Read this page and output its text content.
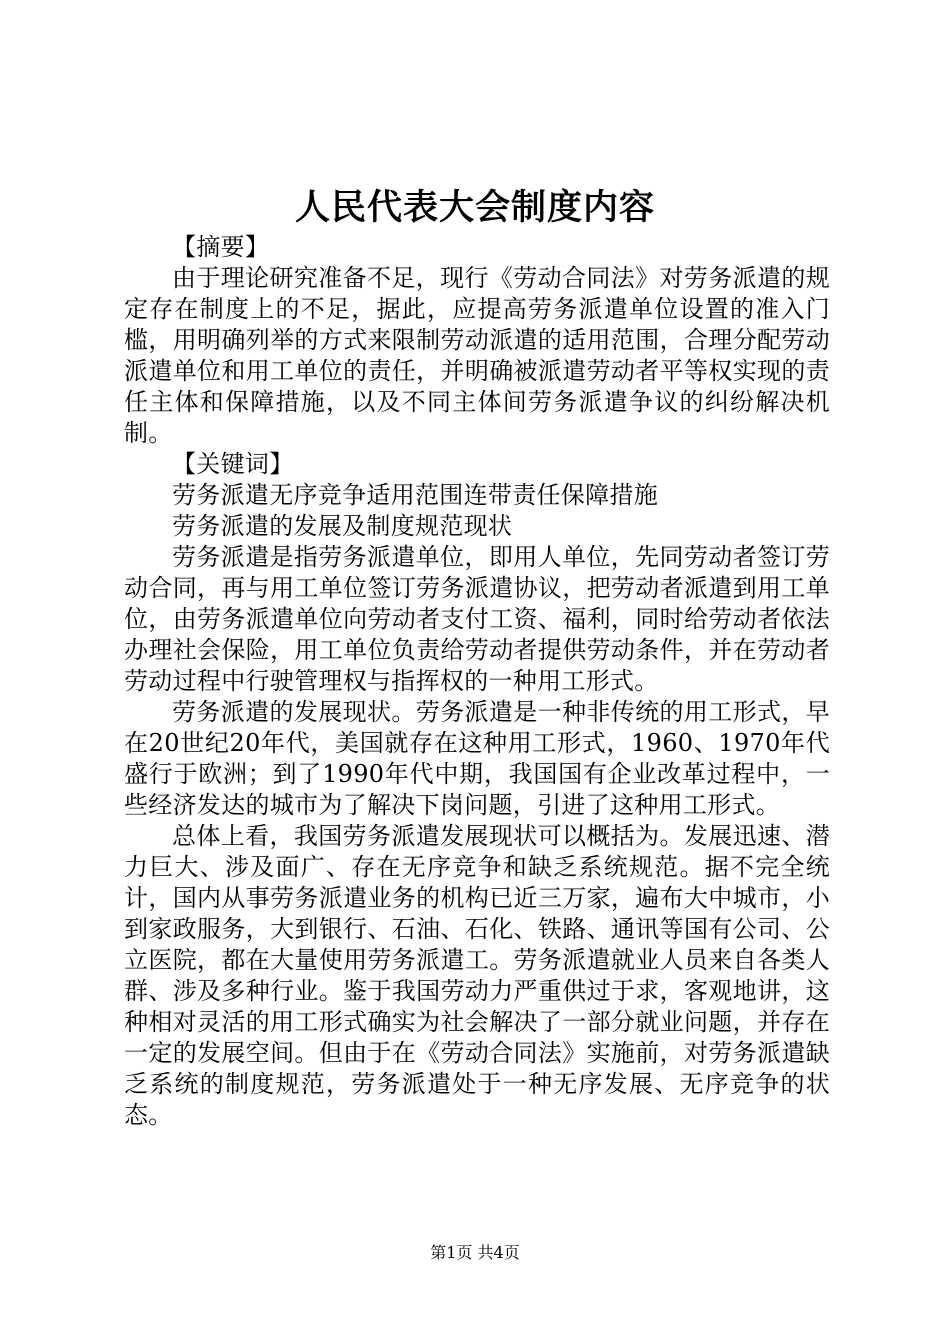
人民代表大会制度内容

【摘要】

由于理论研究准备不足，现行《劳动合同法》对劳务派遣的规定存在制度上的不足，据此，应提高劳务派遣单位设置的准入门槛，用明确列举的方式来限制劳动派遣的适用范围，合理分配劳动派遣单位和用工单位的责任，并明确被派遣劳动者平等权实现的责任主体和保障措施，以及不同主体间劳务派遣争议的纠纷解决机制。

【关键词】

劳务派遣无序竞争适用范围连带责任保障措施

劳务派遣的发展及制度规范现状

劳务派遣是指劳务派遣单位，即用人单位，先同劳动者签订劳动合同，再与用工单位签订劳务派遣协议，把劳动者派遣到用工单位，由劳务派遣单位向劳动者支付工资、福利，同时给劳动者依法办理社会保险，用工单位负责给劳动者提供劳动条件，并在劳动者劳动过程中行驶管理权与指挥权的一种用工形式。

劳务派遣的发展现状。劳务派遣是一种非传统的用工形式，早在20世纪20年代，美国就存在这种用工形式，1960、1970年代盛行于欧洲；到了1990年代中期，我国国有企业改革过程中，一些经济发达的城市为了解决下岗问题，引进了这种用工形式。

总体上看，我国劳务派遣发展现状可以概括为。发展迅速、潜力巨大、涉及面广、存在无序竞争和缺乏系统规范。据不完全统计，国内从事劳务派遣业务的机构已近三万家，遍布大中城市，小到家政服务，大到银行、石油、石化、铁路、通讯等国有公司、公立医院，都在大量使用劳务派遣工。劳务派遣就业人员来自各类人群、涉及多种行业。鉴于我国劳动力严重供过于求，客观地讲，这种相对灵活的用工形式确实为社会解决了一部分就业问题，并存在一定的发展空间。但由于在《劳动合同法》实施前，对劳务派遣缺乏系统的制度规范，劳务派遣处于一种无序发展、无序竞争的状态。

第1页 共4页
